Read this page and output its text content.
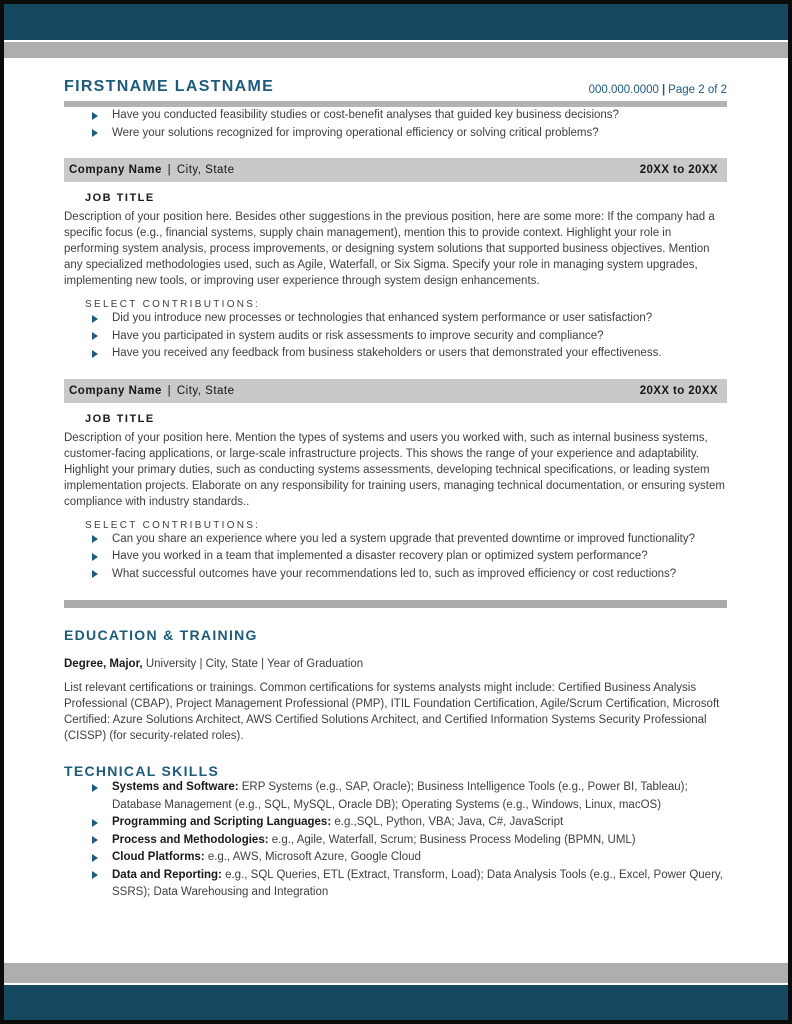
FIRSTNAME LASTNAME	000.000.0000 | Page 2 of 2
Have you conducted feasibility studies or cost-benefit analyses that guided key business decisions?
Were your solutions recognized for improving operational efficiency or solving critical problems?
Company Name | City, State	20XX to 20XX
JOB TITLE

Description of your position here. Besides other suggestions in the previous position, here are some more: If the company had a specific focus (e.g., financial systems, supply chain management), mention this to provide context. Highlight your role in performing system analysis, process improvements, or designing system solutions that supported business objectives. Mention any specialized methodologies used, such as Agile, Waterfall, or Six Sigma. Specify your role in managing system upgrades, implementing new tools, or improving user experience through system design enhancements.

SELECT CONTRIBUTIONS:
Did you introduce new processes or technologies that enhanced system performance or user satisfaction?
Have you participated in system audits or risk assessments to improve security and compliance?
Have you received any feedback from business stakeholders or users that demonstrated your effectiveness.
Company Name | City, State	20XX to 20XX
JOB TITLE

Description of your position here. Mention the types of systems and users you worked with, such as internal business systems, customer-facing applications, or large-scale infrastructure projects. This shows the range of your experience and adaptability. Highlight your primary duties, such as conducting systems assessments, developing technical specifications, or leading system implementation projects. Elaborate on any responsibility for training users, managing technical documentation, or ensuring system compliance with industry standards..

SELECT CONTRIBUTIONS:
Can you share an experience where you led a system upgrade that prevented downtime or improved functionality?
Have you worked in a team that implemented a disaster recovery plan or optimized system performance?
What successful outcomes have your recommendations led to, such as improved efficiency or cost reductions?
EDUCATION & TRAINING

Degree, Major, University | City, State | Year of Graduation

List relevant certifications or trainings. Common certifications for systems analysts might include: Certified Business Analysis Professional (CBAP), Project Management Professional (PMP), ITIL Foundation Certification, Agile/Scrum Certification, Microsoft Certified: Azure Solutions Architect, AWS Certified Solutions Architect, and Certified Information Systems Security Professional (CISSP) (for security-related roles).

TECHNICAL SKILLS
Systems and Software: ERP Systems (e.g., SAP, Oracle); Business Intelligence Tools (e.g., Power BI, Tableau); Database Management (e.g., SQL, MySQL, Oracle DB); Operating Systems (e.g., Windows, Linux, macOS)
Programming and Scripting Languages: e.g.,SQL, Python, VBA; Java, C#, JavaScript
Process and Methodologies: e.g., Agile, Waterfall, Scrum; Business Process Modeling (BPMN, UML)
Cloud Platforms: e.g., AWS, Microsoft Azure, Google Cloud
Data and Reporting: e.g., SQL Queries, ETL (Extract, Transform, Load); Data Analysis Tools (e.g., Excel, Power Query, SSRS); Data Warehousing and Integration
